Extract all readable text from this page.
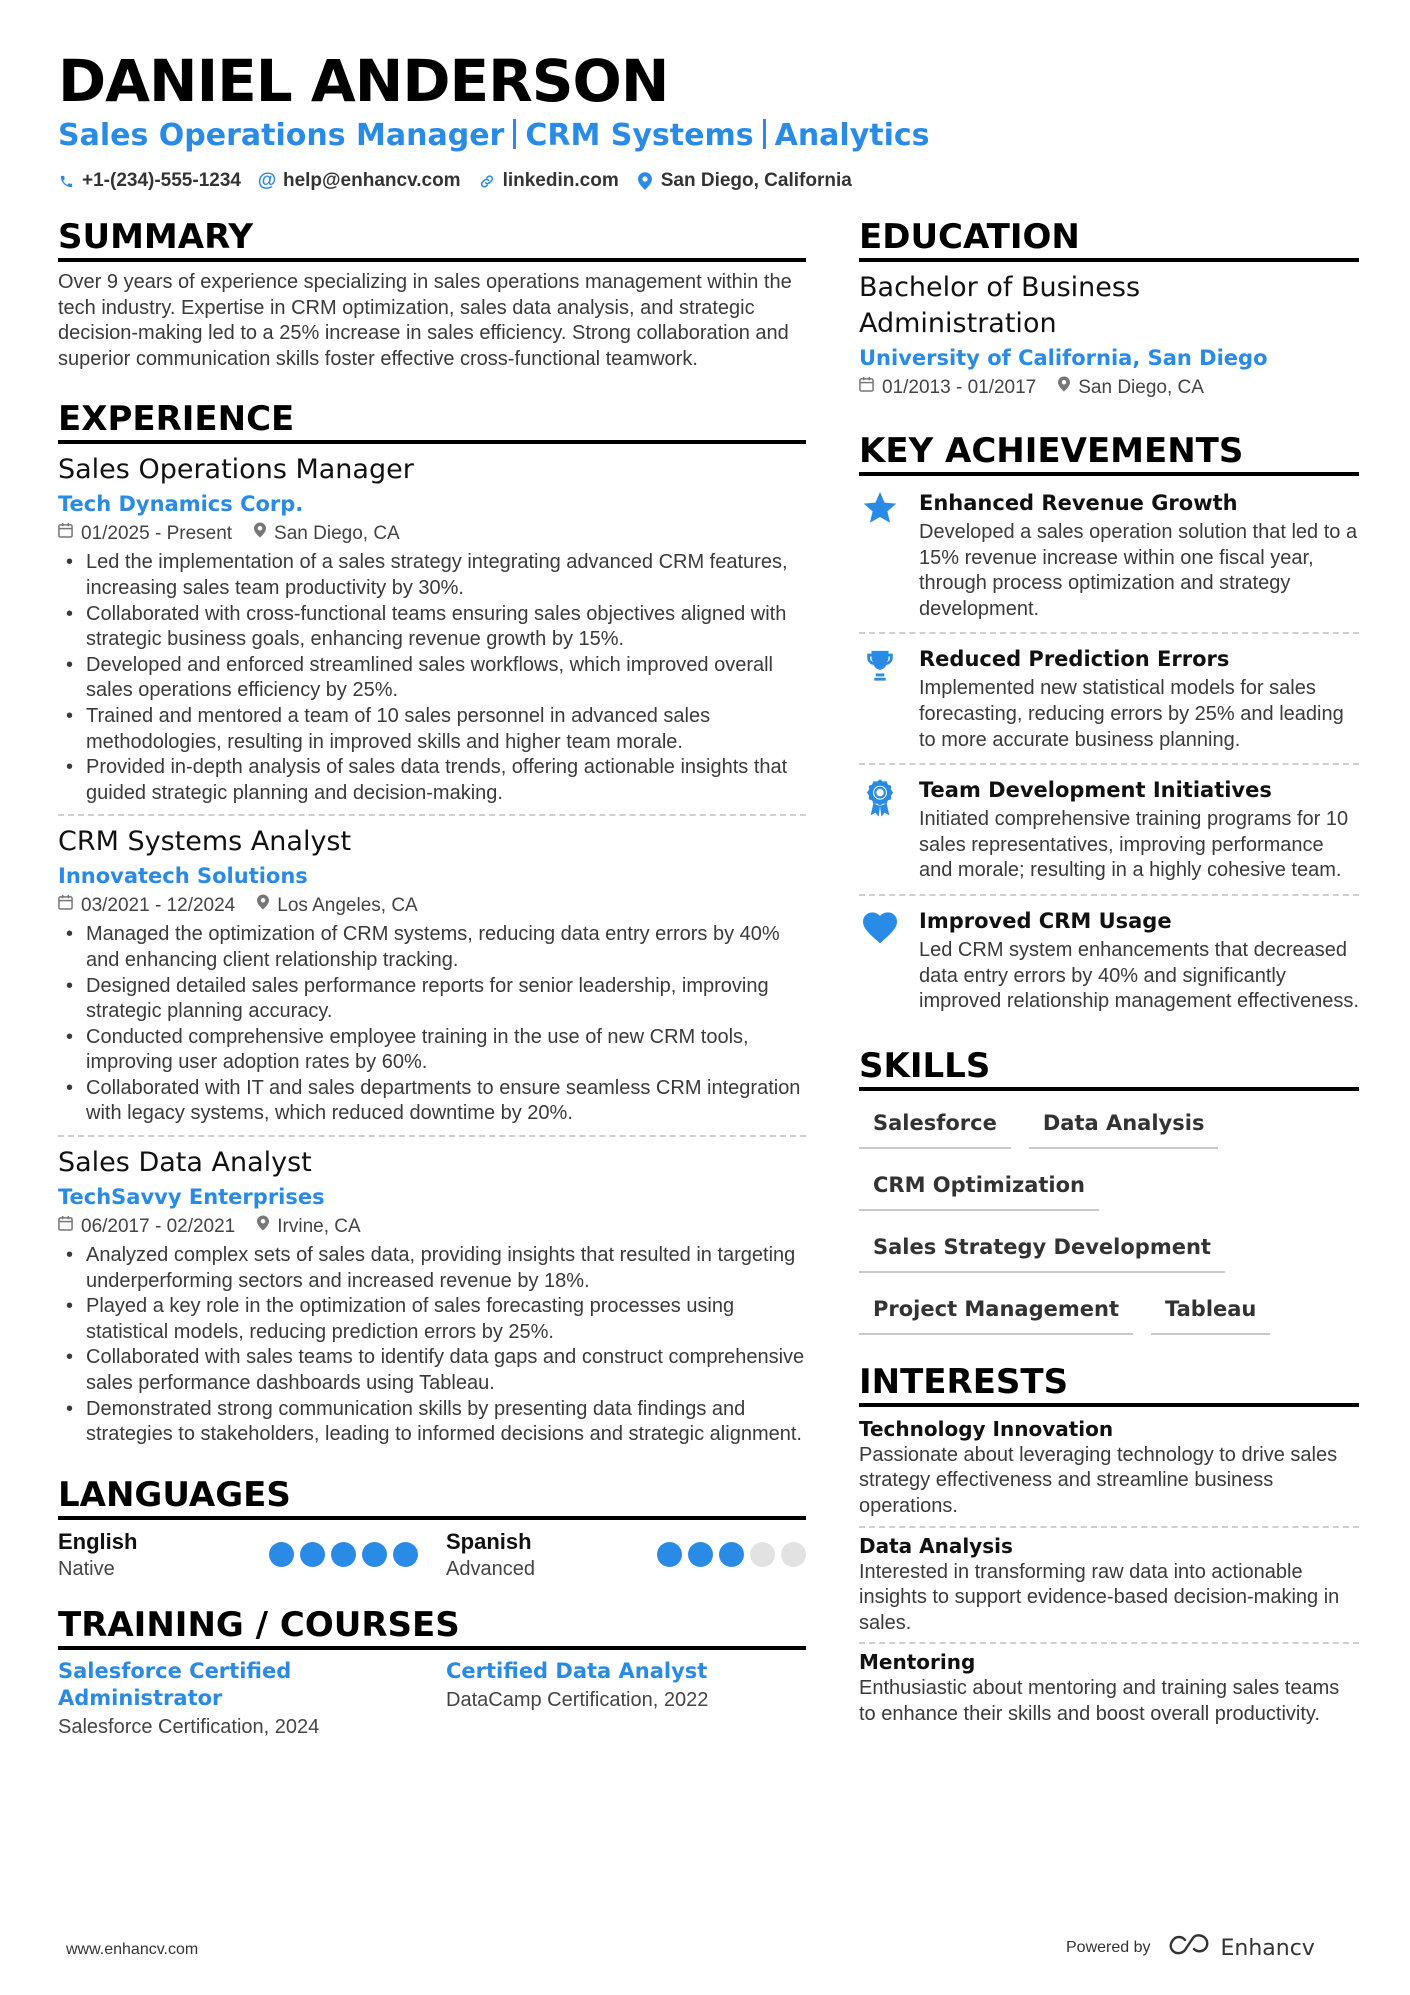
DANIEL ANDERSON
Sales Operations Manager CRM Systems Analytics
+1-(234)-555-1234 @ help@enhancv.com linkedin.com San Diego, California
SUMMARY
Over 9 years of experience specializing in sales operations management within the tech industry. Expertise in CRM optimization, sales data analysis, and strategic decision-making led to a 25% increase in sales efficiency. Strong collaboration and superior communication skills foster effective cross-functional teamwork.
EXPERIENCE
Sales Operations Manager
Tech Dynamics Corp.
01/2025 - Present San Diego, CA
• Led the implementation of a sales strategy integrating advanced CRM features, increasing sales team productivity by 30%.
• Collaborated with cross-functional teams ensuring sales objectives aligned with strategic business goals, enhancing revenue growth by 15%.
• Developed and enforced streamlined sales workflows, which improved overall sales operations efficiency by 25%.
• Trained and mentored a team of 10 sales personnel in advanced sales methodologies, resulting in improved skills and higher team morale.
• Provided in-depth analysis of sales data trends, offering actionable insights that guided strategic planning and decision-making.
CRM Systems Analyst
Innovatech Solutions
03/2021 - 12/2024 Los Angeles, CA
• Managed the optimization of CRM systems, reducing data entry errors by 40% and enhancing client relationship tracking.
• Designed detailed sales performance reports for senior leadership, improving strategic planning accuracy.
• Conducted comprehensive employee training in the use of new CRM tools, improving user adoption rates by 60%.
• Collaborated with IT and sales departments to ensure seamless CRM integration with legacy systems, which reduced downtime by 20%.
Sales Data Analyst
TechSavvy Enterprises
06/2017 - 02/2021 Irvine, CA
• Analyzed complex sets of sales data, providing insights that resulted in targeting underperforming sectors and increased revenue by 18%.
• Played a key role in the optimization of sales forecasting processes using statistical models, reducing prediction errors by 25%.
• Collaborated with sales teams to identify data gaps and construct comprehensive sales performance dashboards using Tableau.
• Demonstrated strong communication skills by presenting data findings and strategies to stakeholders, leading to informed decisions and strategic alignment.
LANGUAGES
English
Native
Spanish
Advanced
TRAINING / COURSES
Salesforce Certified Administrator
Salesforce Certification, 2024
Certified Data Analyst
DataCamp Certification, 2022
EDUCATION
Bachelor of Business Administration
University of California, San Diego
01/2013 - 01/2017 San Diego, CA
KEY ACHIEVEMENTS
Enhanced Revenue Growth
Developed a sales operation solution that led to a 15% revenue increase within one fiscal year, through process optimization and strategy development.
Reduced Prediction Errors
Implemented new statistical models for sales forecasting, reducing errors by 25% and leading to more accurate business planning.
Team Development Initiatives
Initiated comprehensive training programs for 10 sales representatives, improving performance and morale; resulting in a highly cohesive team.
Improved CRM Usage
Led CRM system enhancements that decreased data entry errors by 40% and significantly improved relationship management effectiveness.
SKILLS
Salesforce	Data Analysis
CRM Optimization
Sales Strategy Development
Project Management	Tableau
INTERESTS
Technology Innovation
Passionate about leveraging technology to drive sales strategy effectiveness and streamline business operations.
Data Analysis
Interested in transforming raw data into actionable insights to support evidence-based decision-making in sales.
Mentoring
Enthusiastic about mentoring and training sales teams to enhance their skills and boost overall productivity.
www.enhancv.com	Powered by	Enhancv
